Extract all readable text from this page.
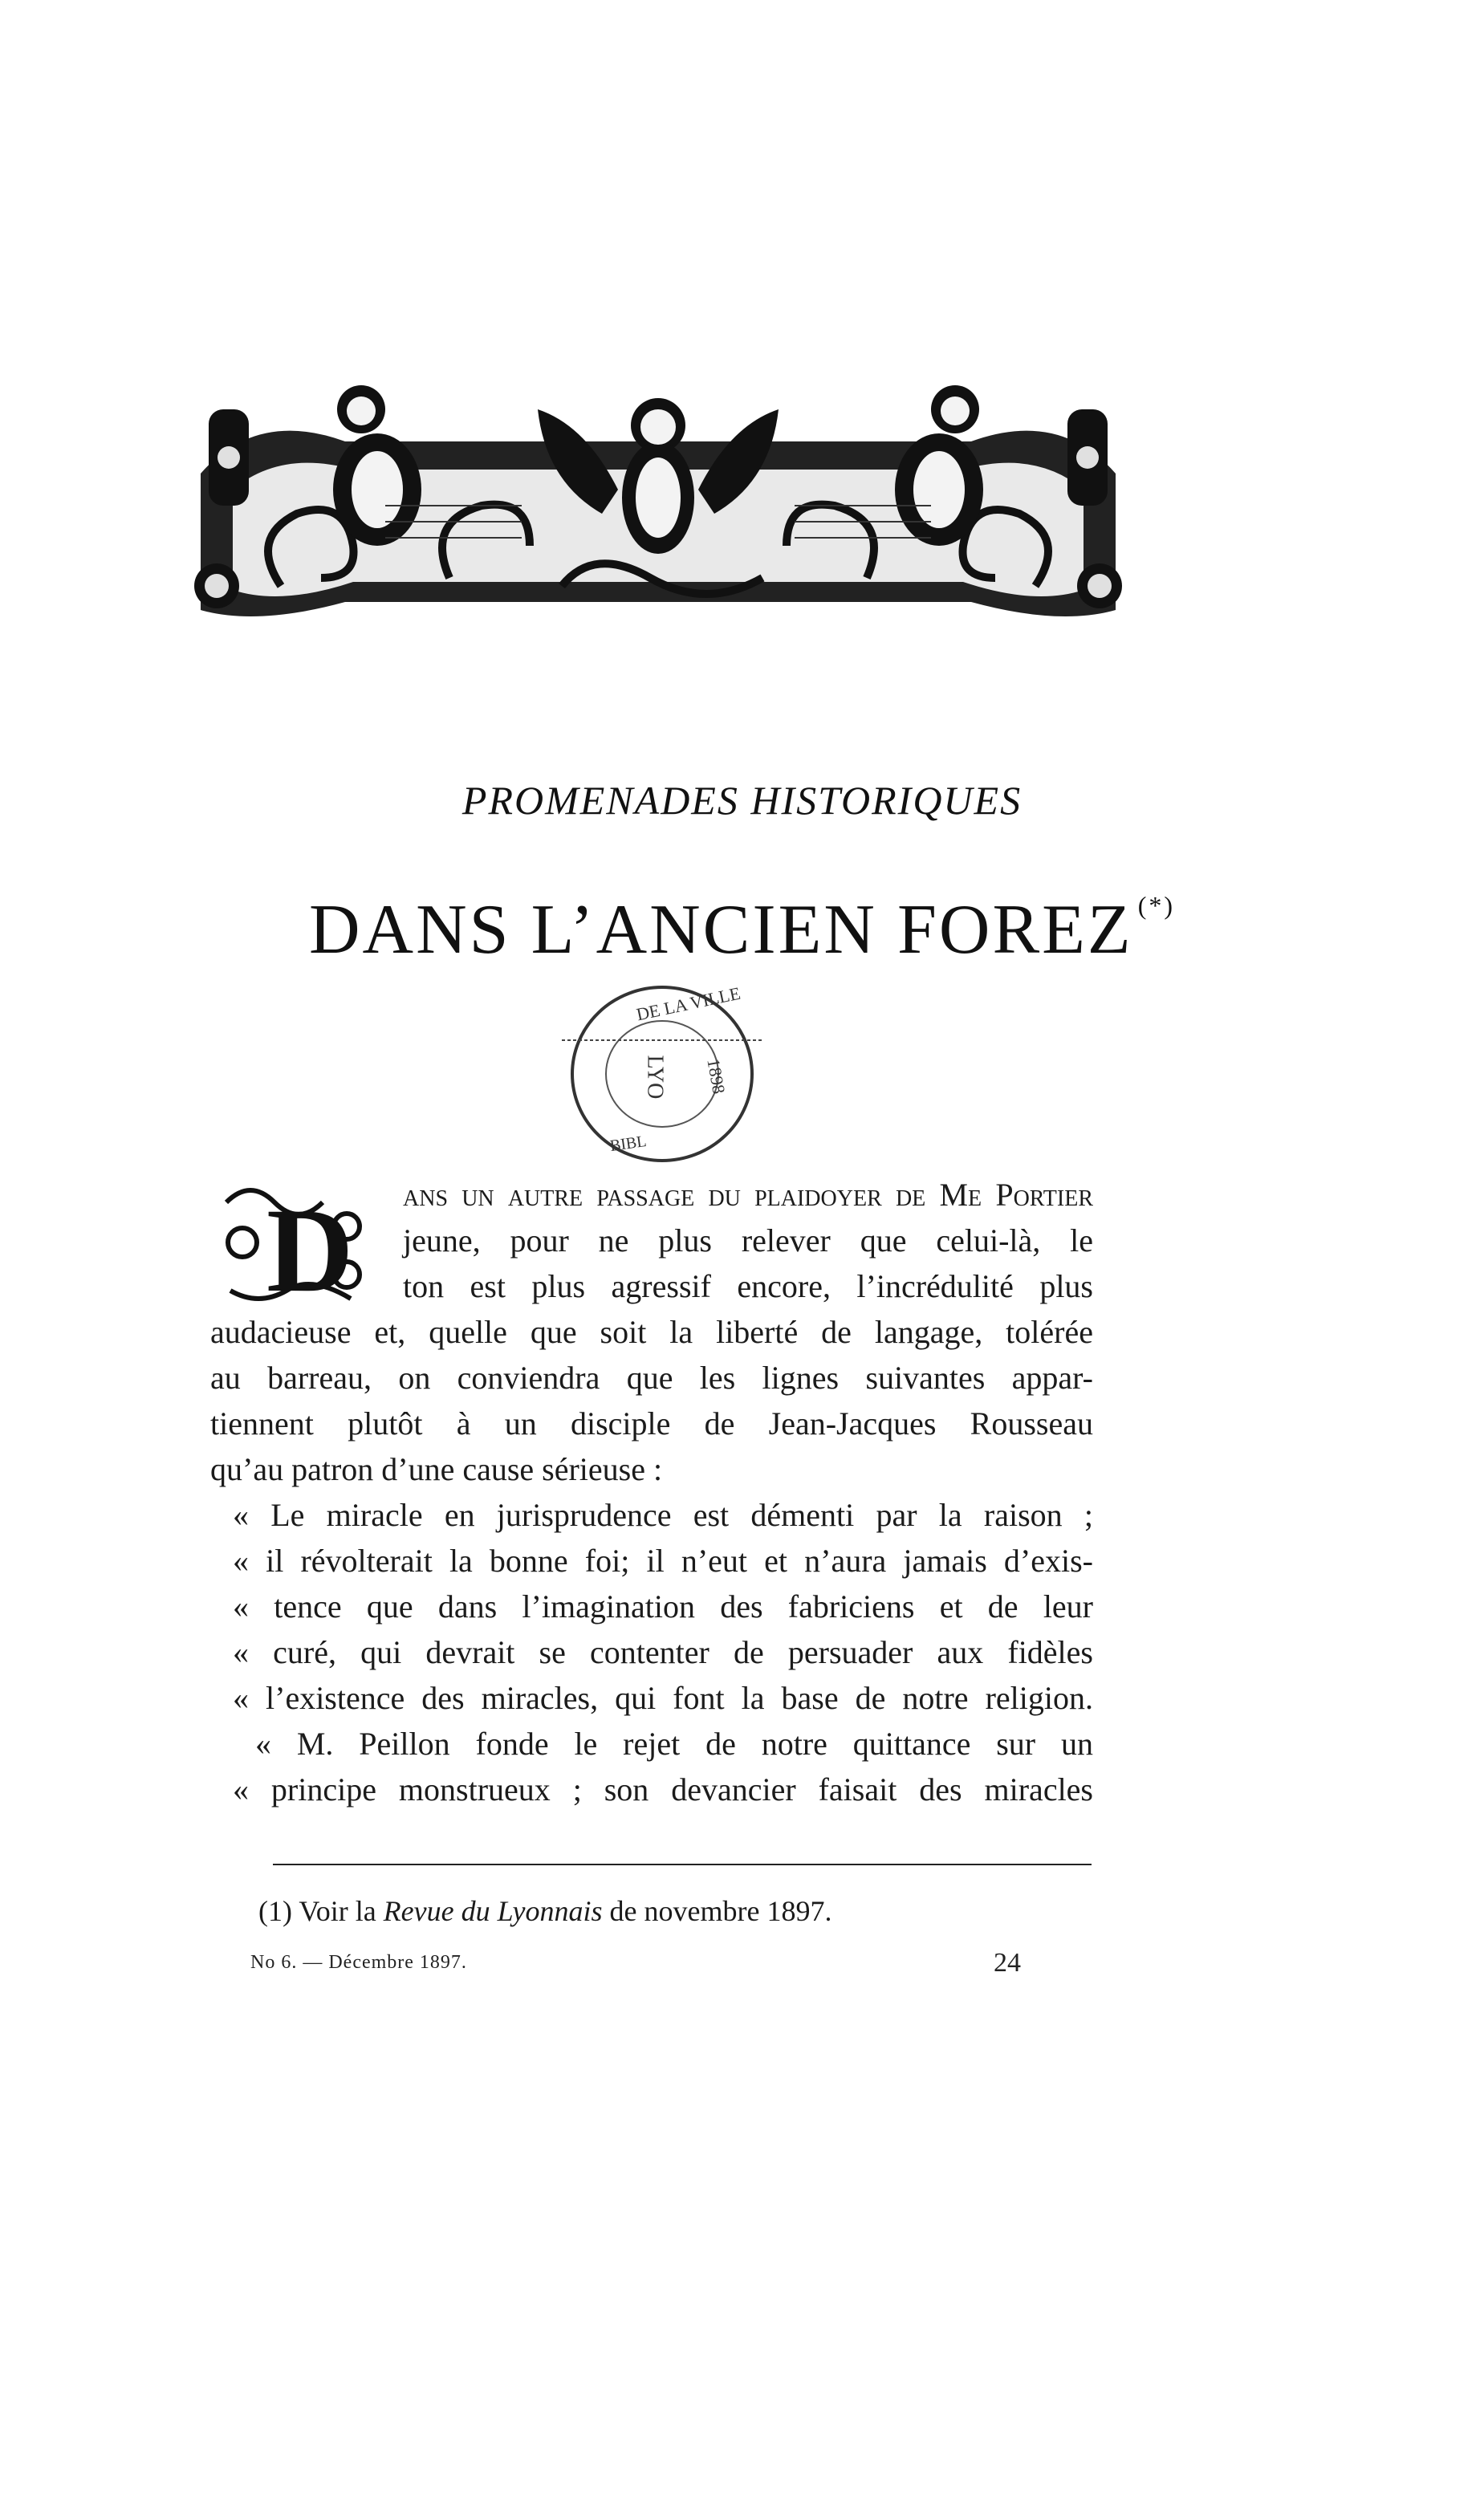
PROMENADES HISTORIQUES
DANS L’ANCIEN FOREZ (*)
DE LA VILLE
LYO 1898
BIBL
D	ans un autre passage du plaidoyer de Me Portier
jeune, pour ne plus relever que celui-là, le
ton est plus agressif encore, l’incrédulité plus
audacieuse et, quelle que soit la liberté de langage, tolérée
au barreau, on conviendra que les lignes suivantes appar-
tiennent plutôt à un disciple de Jean-Jacques Rousseau
qu’au patron d’une cause sérieuse :
« Le miracle en jurisprudence est démenti par la raison ;
« il révolterait la bonne foi; il n’eut et n’aura jamais d’exis-
« tence que dans l’imagination des fabriciens et de leur
« curé, qui devrait se contenter de persuader aux fidèles
« l’existence des miracles, qui font la base de notre religion.
« M. Peillon fonde le rejet de notre quittance sur un
« principe monstrueux ; son devancier faisait des miracles
(1) Voir la Revue du Lyonnais de novembre 1897.
No 6. — Décembre 1897.	24
